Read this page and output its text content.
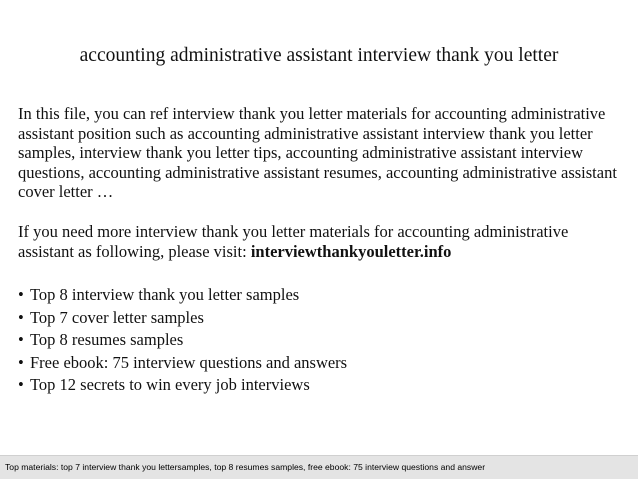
accounting administrative assistant interview thank you letter

In this file, you can ref interview thank you letter materials for accounting administrative assistant position such as accounting administrative assistant interview thank you letter samples, interview thank you letter tips, accounting administrative assistant interview questions, accounting administrative assistant resumes, accounting administrative assistant cover letter …

If you need more interview thank you letter materials for accounting administrative assistant as following, please visit: interviewthankyouletter.info

• Top 8 interview thank you letter samples
• Top 7 cover letter samples
• Top 8 resumes samples
• Free ebook: 75 interview questions and answers
• Top 12 secrets to win every job interviews
Top materials: top 7 interview thank you lettersamples, top 8 resumes samples, free ebook: 75 interview questions and answer
